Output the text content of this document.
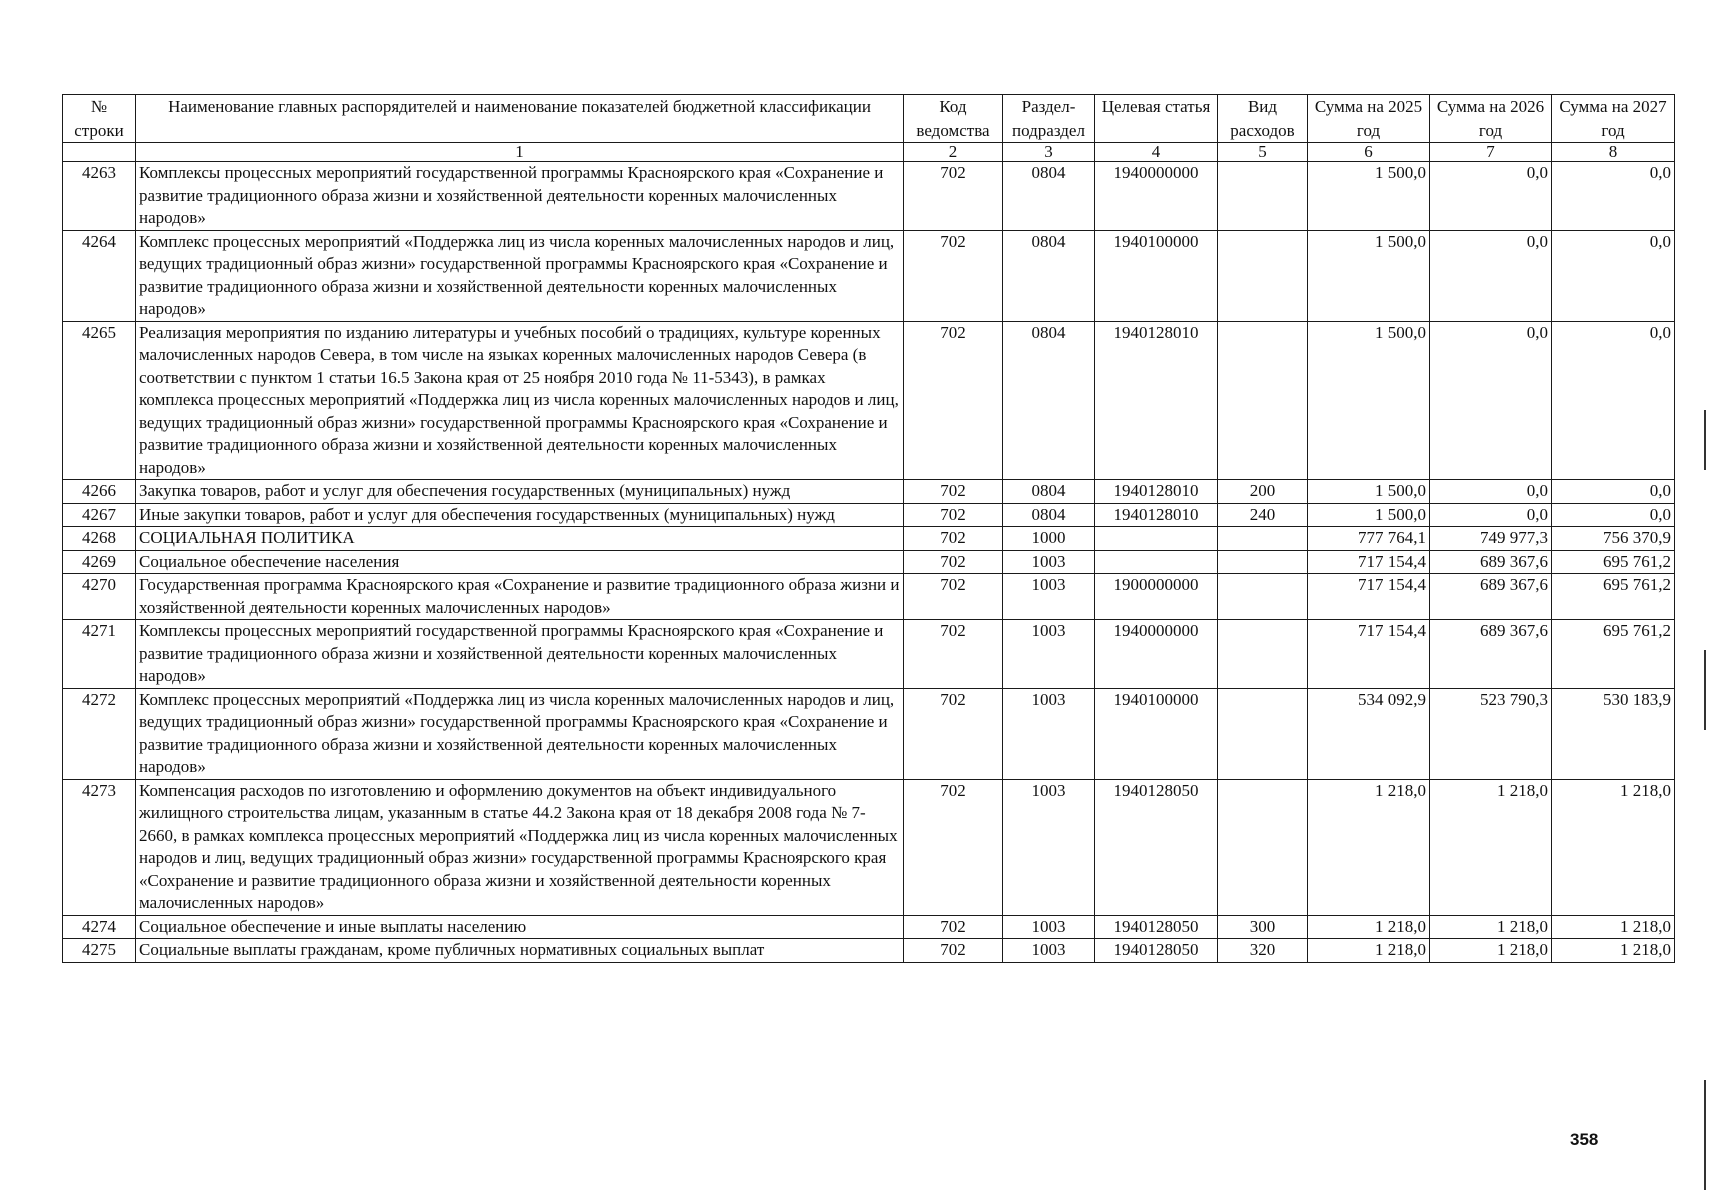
№ строки	Наименование главных распорядителей и наименование показателей бюджетной классификации	Код ведомства	Раздел-подраздел	Целевая статья	Вид расходов	Сумма на 2025 год	Сумма на 2026 год	Сумма на 2027 год
	1	2	3	4	5	6	7	8
4263	Комплексы процессных мероприятий государственной программы Красноярского края «Сохранение и развитие традиционного образа жизни и хозяйственной деятельности коренных малочисленных народов»	702	0804	1940000000		1 500,0	0,0	0,0
4264	Комплекс процессных мероприятий «Поддержка лиц из числа коренных малочисленных народов и лиц, ведущих традиционный образ жизни» государственной программы Красноярского края «Сохранение и развитие традиционного образа жизни и хозяйственной деятельности коренных малочисленных народов»	702	0804	1940100000		1 500,0	0,0	0,0
4265	Реализация мероприятия по изданию литературы и учебных пособий о традициях, культуре коренных малочисленных народов Севера, в том числе на языках коренных малочисленных народов Севера (в соответствии с пунктом 1 статьи 16.5 Закона края от 25 ноября 2010 года № 11-5343), в рамках комплекса процессных мероприятий «Поддержка лиц из числа коренных малочисленных народов и лиц, ведущих традиционный образ жизни» государственной программы Красноярского края «Сохранение и развитие традиционного образа жизни и хозяйственной деятельности коренных малочисленных народов»	702	0804	1940128010		1 500,0	0,0	0,0
4266	Закупка товаров, работ и услуг для обеспечения государственных (муниципальных) нужд	702	0804	1940128010	200	1 500,0	0,0	0,0
4267	Иные закупки товаров, работ и услуг для обеспечения государственных (муниципальных) нужд	702	0804	1940128010	240	1 500,0	0,0	0,0
4268	СОЦИАЛЬНАЯ ПОЛИТИКА	702	1000			777 764,1	749 977,3	756 370,9
4269	Социальное обеспечение населения	702	1003			717 154,4	689 367,6	695 761,2
4270	Государственная программа Красноярского края «Сохранение и развитие традиционного образа жизни и хозяйственной деятельности коренных малочисленных народов»	702	1003	1900000000		717 154,4	689 367,6	695 761,2
4271	Комплексы процессных мероприятий государственной программы Красноярского края «Сохранение и развитие традиционного образа жизни и хозяйственной деятельности коренных малочисленных народов»	702	1003	1940000000		717 154,4	689 367,6	695 761,2
4272	Комплекс процессных мероприятий «Поддержка лиц из числа коренных малочисленных народов и лиц, ведущих традиционный образ жизни» государственной программы Красноярского края «Сохранение и развитие традиционного образа жизни и хозяйственной деятельности коренных малочисленных народов»	702	1003	1940100000		534 092,9	523 790,3	530 183,9
4273	Компенсация расходов по изготовлению и оформлению документов на объект индивидуального жилищного строительства лицам, указанным в статье 44.2 Закона края от 18 декабря 2008 года № 7-2660, в рамках комплекса процессных мероприятий «Поддержка лиц из числа коренных малочисленных народов и лиц, ведущих традиционный образ жизни» государственной программы Красноярского края «Сохранение и развитие традиционного образа жизни и хозяйственной деятельности коренных малочисленных народов»	702	1003	1940128050		1 218,0	1 218,0	1 218,0
4274	Социальное обеспечение и иные выплаты населению	702	1003	1940128050	300	1 218,0	1 218,0	1 218,0
4275	Социальные выплаты гражданам, кроме публичных нормативных социальных выплат	702	1003	1940128050	320	1 218,0	1 218,0	1 218,0
358
